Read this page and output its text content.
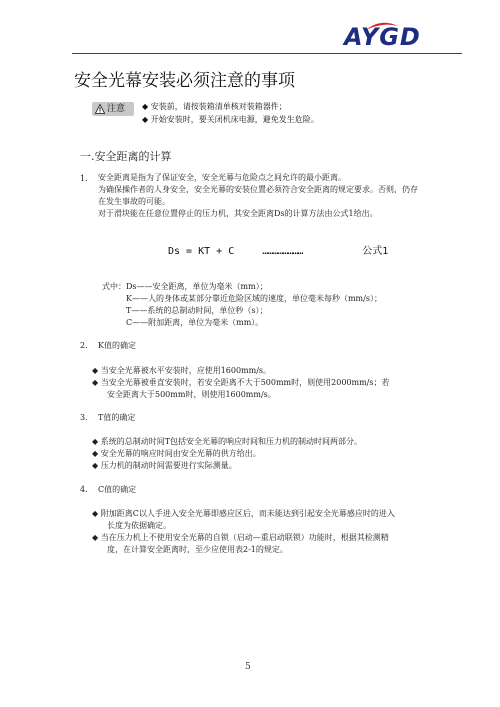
AYGD
安全光幕安装必须注意的事项
注意 ◆ 安装前，请按装箱清单核对装箱器件；
◆ 开始安装时，要关闭机床电源，避免发生危险。
一.安全距离的计算
1. 安全距离是指为了保证安全，安全光幕与危险点之间允许的最小距离。
为确保操作者的人身安全，安全光幕的安装位置必须符合安全距离的规定要求。否则，仍存
在发生事故的可能。
对于滑块能在任意位置停止的压力机，其安全距离Ds的计算方法由公式1给出。
Ds = KT + C	……………………	公式1
式中：Ds——安全距离，单位为毫米（mm）；
K——人的身体或某部分靠近危险区域的速度，单位毫米每秒（mm/s）；
T——系统的总制动时间，单位秒（s）；
C——附加距离，单位为毫米（mm）。
2. K值的确定
◆ 当安全光幕被水平安装时，应使用1600mm/s。
◆ 当安全光幕被垂直安装时，若安全距离不大于500mm时，则使用2000mm/s；若
安全距离大于500mm时，则使用1600mm/s。
3. T值的确定
◆ 系统的总制动时间T包括安全光幕的响应时间和压力机的制动时间两部分。
◆ 安全光幕的响应时间由安全光幕的供方给出。
◆ 压力机的制动时间需要进行实际测量。
4. C值的确定
◆ 附加距离C以人手进入安全光幕即感应区后，而未能达到引起安全光幕感应时的进入
长度为依据确定。
◆ 当在压力机上不使用安全光幕的自锁（启动—重启动联锁）功能时，根据其检测精
度，在计算安全距离时，至少应使用表2-1的规定。
5
